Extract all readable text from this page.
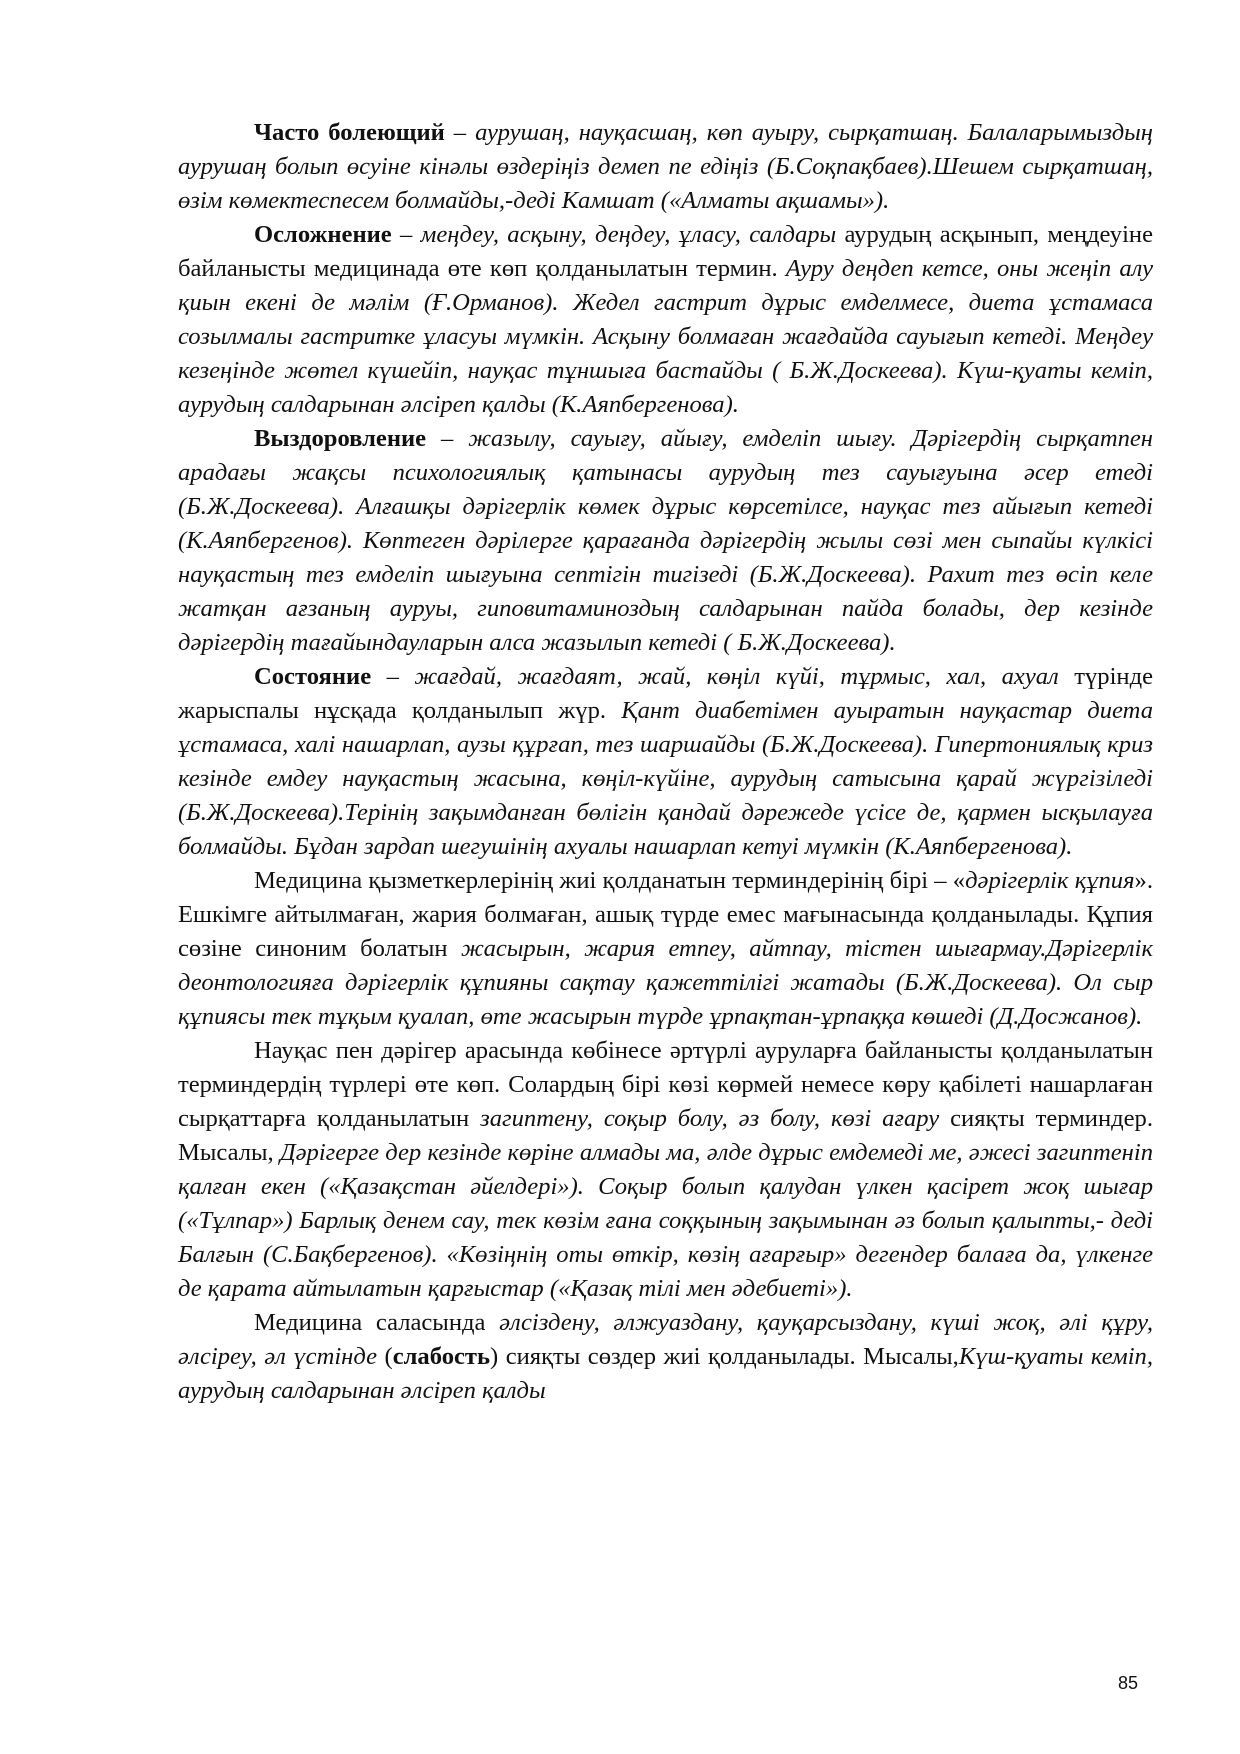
Часто болеющий – аурушаң, науқасшаң, көп ауыру, сырқатшаң. Балаларымыздың аурушаң болып өсуіне кінәлы өздеріңіз демеп пе едіңіз (Б.Соқпақбаев).Шешем сырқатшаң, өзім көмектеспесем болмайды,-деді Камшат («Алматы ақшамы»).

Осложнение – меңдеу, асқыну, деңдеу, ұласу, салдары аурудың асқынып, меңдеуіне байланысты медицинада өте көп қолданылатын термин. Ауру деңдеп кетсе, оны жеңіп алу қиын екені де мәлім (Ғ.Орманов). Жедел гастрит дұрыс емделмесе, диета ұстамаса созылмалы гастритке ұласуы мүмкін. Асқыну болмаған жағдайда сауығып кетеді. Меңдеу кезеңінде жөтел күшейіп, науқас тұншыға бастайды ( Б.Ж.Доскеева). Күш-қуаты кеміп, аурудың салдарынан әлсіреп қалды (К.Аяпбергенова).

Выздоровление – жазылу, сауығу, айығу, емделіп шығу. Дәрігердің сырқатпен арадағы жақсы психологиялық қатынасы аурудың тез сауығуына әсер етеді (Б.Ж.Доскеева). Алғашқы дәрігерлік көмек дұрыс көрсетілсе, науқас тез айығып кетеді (К.Аяпбергенов). Көптеген дәрілерге қарағанда дәрігердің жылы сөзі мен сыпайы күлкісі науқастың тез емделіп шығуына септігін тигізеді (Б.Ж.Доскеева). Рахит тез өсіп келе жатқан ағзаның ауруы, гиповитаминоздың салдарынан пайда болады, дер кезінде дәрігердің тағайындауларын алса жазылып кетеді ( Б.Ж.Доскеева).

Состояние – жағдай, жағдаят, жай, көңіл күйі, тұрмыс, хал, ахуал түрінде жарыспалы нұсқада қолданылып жүр. Қант диабетімен ауыратын науқастар диета ұстамаса, халі нашарлап, аузы құрғап, тез шаршайды (Б.Ж.Доскеева). Гипертониялық криз кезінде емдеу науқастың жасына, көңіл-күйіне, аурудың сатысына қарай жүргізіледі (Б.Ж.Доскеева).Терінің зақымданған бөлігін қандай дәрежеде үсісе де, қармен ысқылауға болмайды. Бұдан зардап шегушінің ахуалы нашарлап кетуі мүмкін (К.Аяпбергенова).

Медицина қызметкерлерінің жиі қолданатын терминдерінің бірі – «дәрігерлік құпия». Ешкімге айтылмаған, жария болмаған, ашық түрде емес мағынасында қолданылады. Құпия сөзіне синоним болатын жасырын, жария етпеу, айтпау, тістен шығармау.Дәрігерлік деонтологияға дәрігерлік құпияны сақтау қажеттілігі жатады (Б.Ж.Доскеева). Ол сыр құпиясы тек тұқым қуалап, өте жасырын түрде ұрпақтан-ұрпаққа көшеді (Д.Досжанов).

Науқас пен дәрігер арасында көбінесе әртүрлі ауруларға байланысты қолданылатын терминдердің түрлері өте көп. Солардың бірі көзі көрмей немесе көру қабілеті нашарлаған сырқаттарға қолданылатын загиптену, соқыр болу, әз болу, көзі ағару сияқты терминдер. Мысалы, Дәрігерге дер кезінде көріне алмады ма, әлде дұрыс емдемеді ме, әжесі загиптеніп қалған екен («Қазақстан әйелдері»). Соқыр болып қалудан үлкен қасірет жоқ шығар («Тұлпар») Барлық денем сау, тек көзім ғана соққының зақымынан әз болып қалыпты,- деді Балғын (С.Бақбергенов). «Көзіңнің оты өткір, көзің ағарғыр» дегендер балаға да, үлкенге де қарата айтылатын қарғыстар («Қазақ тілі мен әдебиеті»).

Медицина саласында әлсіздену, әлжуаздану, қауқарсыздану, күші жоқ, әлі құру, әлсіреу, әл үстінде (слабость) сияқты сөздер жиі қолданылады. Мысалы,Күш-қуаты кеміп, аурудың салдарынан әлсіреп қалды

85
